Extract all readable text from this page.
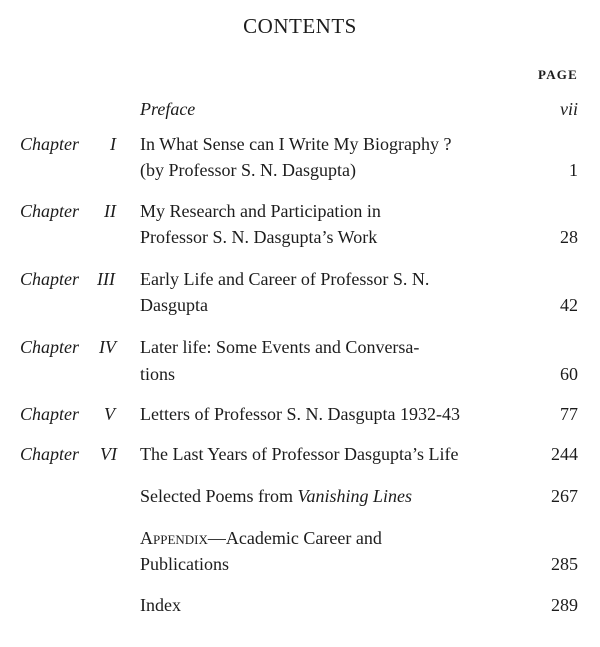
CONTENTS
PAGE
Preface	vii
Chapter I In What Sense can I Write My Biography ?
(by Professor S. N. Dasgupta)	1
Chapter II My Research and Participation in
Professor S. N. Dasgupta’s Work	28
Chapter III Early Life and Career of Professor S. N.
Dasgupta	42
Chapter IV Later life: Some Events and Conversa-
tions	60
Chapter V Letters of Professor S. N. Dasgupta 1932-43	77
Chapter VI The Last Years of Professor Dasgupta’s Life	244
Selected Poems from Vanishing Lines	267
Appendix—Academic Career and
Publications	285
Index	289
